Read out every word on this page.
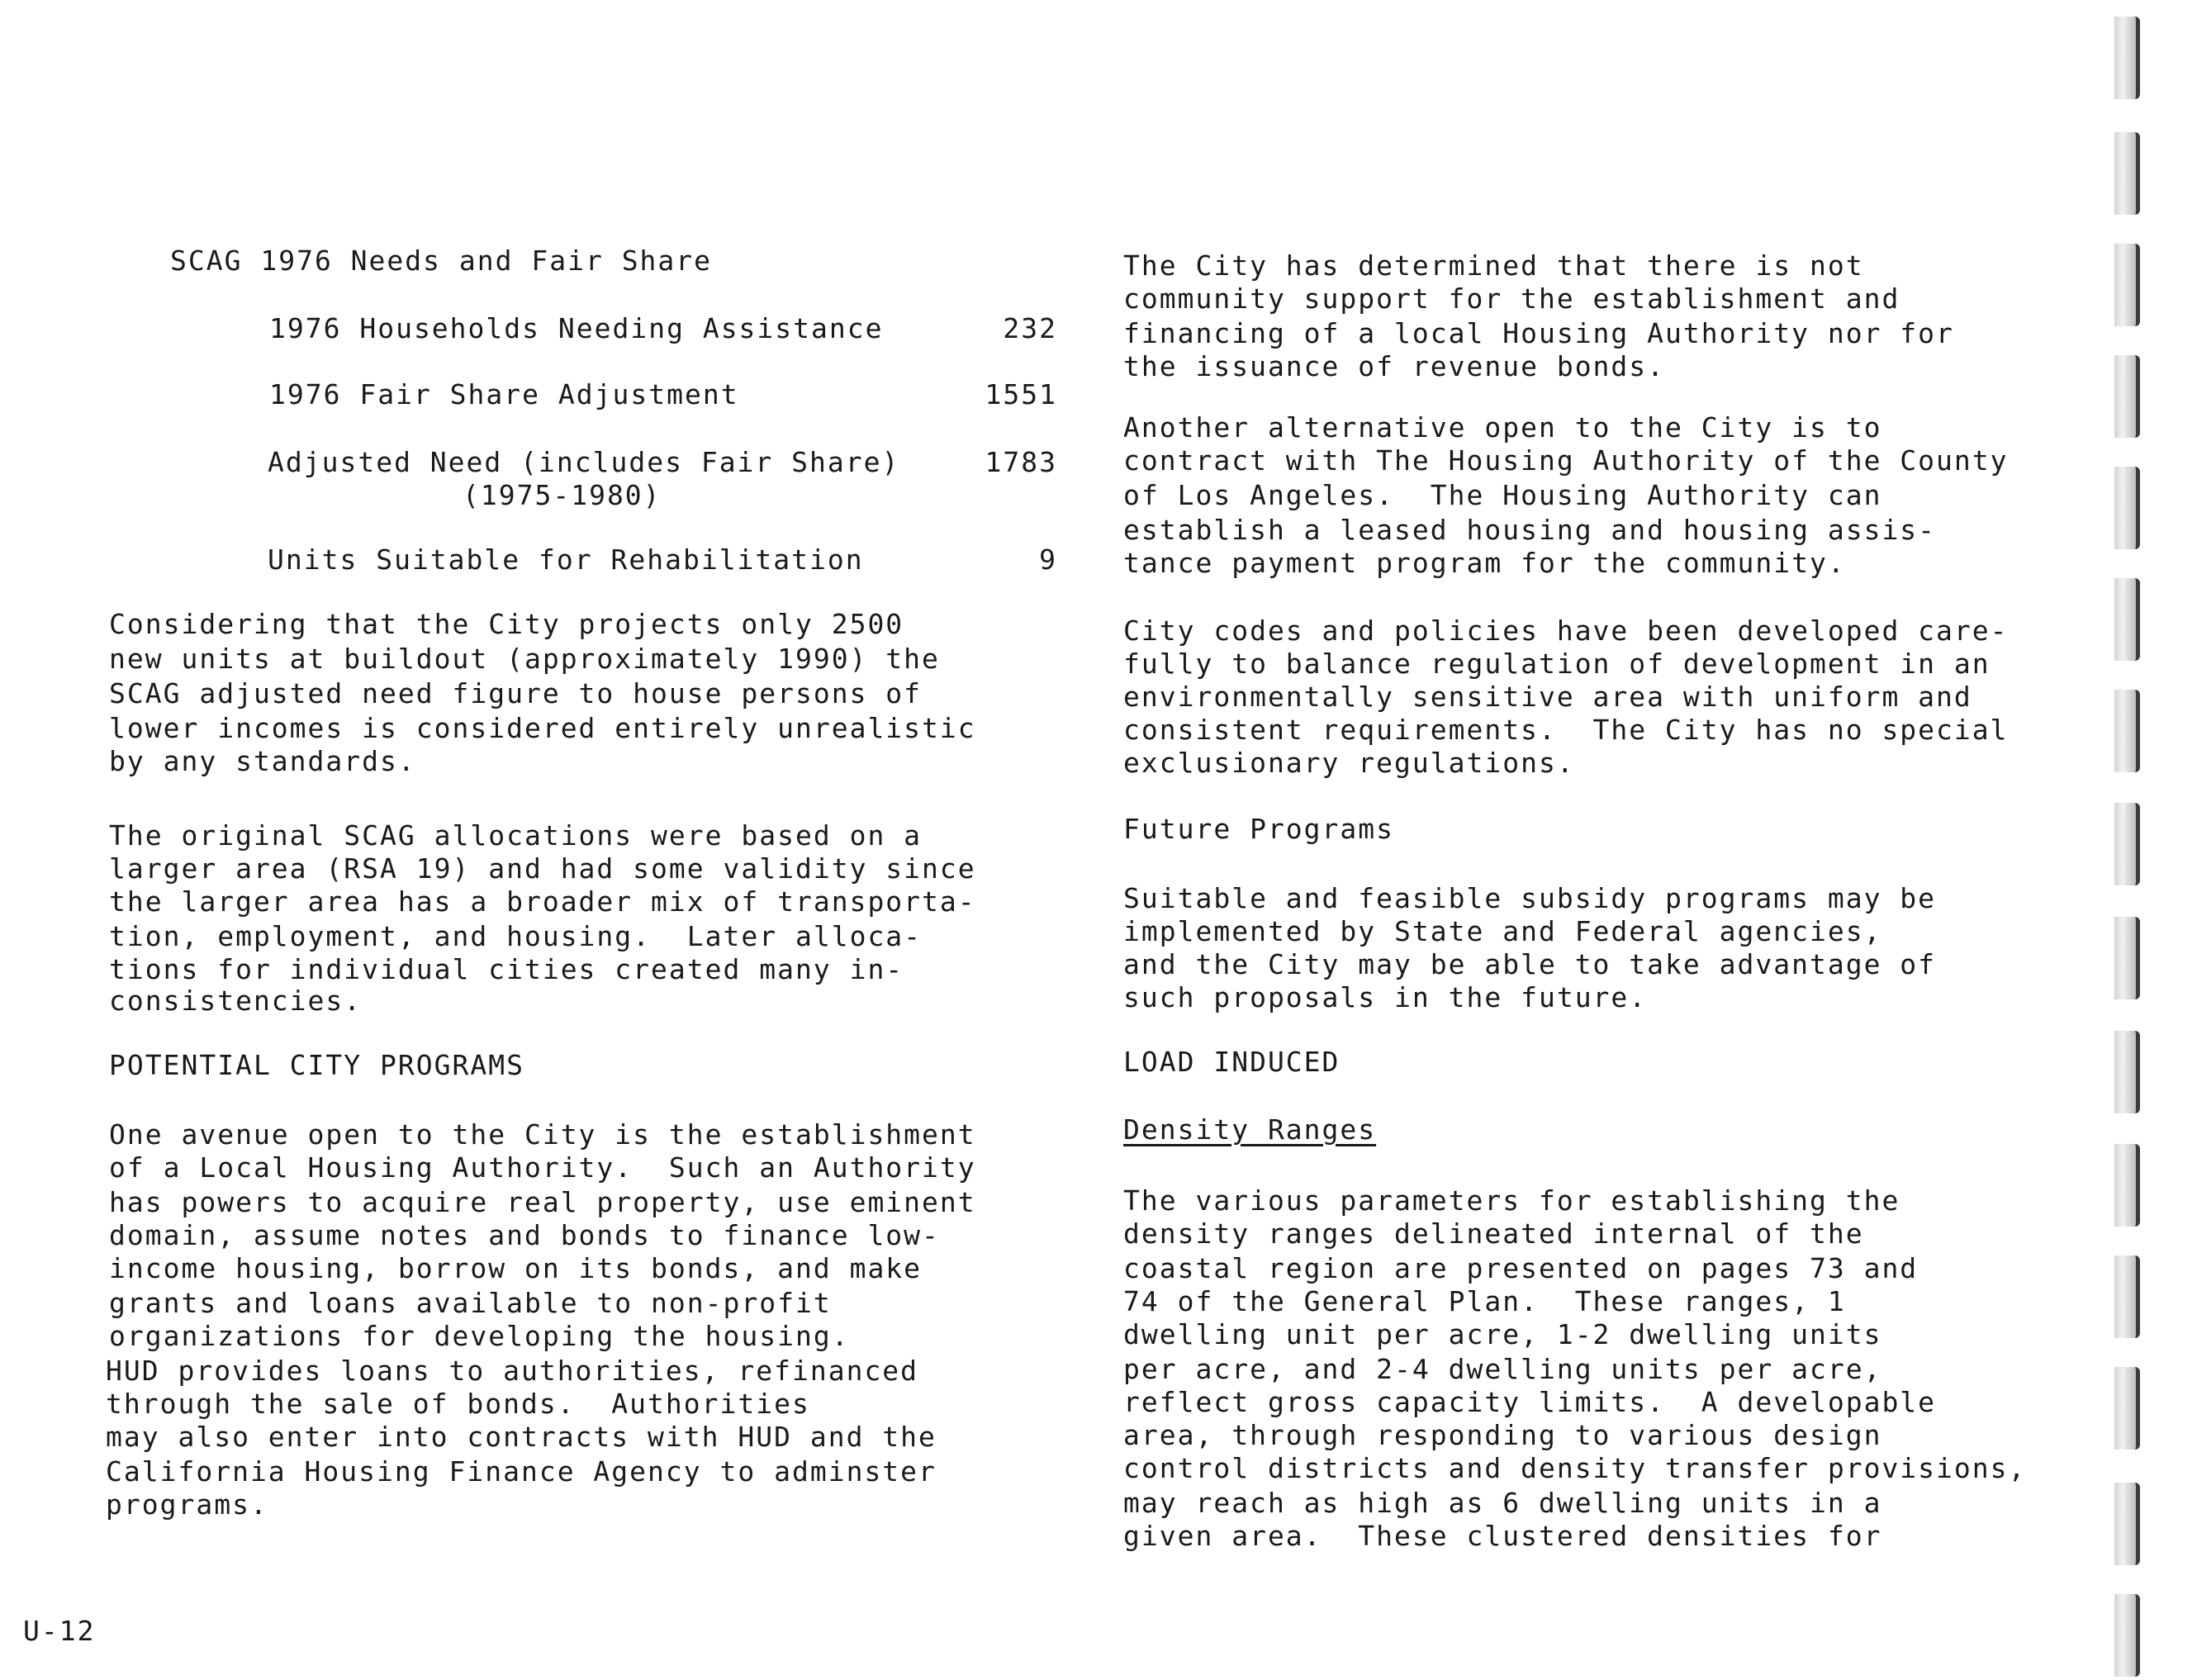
SCAG 1976 Needs and Fair Share
1976 Households Needing Assistance	232
1976 Fair Share Adjustment	1551
Adjusted Need (includes Fair Share)	1783
(1975-1980)
Units Suitable for Rehabilitation	9
Considering that the City projects only 2500
new units at buildout (approximately 1990) the
SCAG adjusted need figure to house persons of
lower incomes is considered entirely unrealistic
by any standards.
The original SCAG allocations were based on a
larger area (RSA 19) and had some validity since
the larger area has a broader mix of transporta-
tion, employment, and housing.  Later alloca-
tions for individual cities created many in-
consistencies.
POTENTIAL CITY PROGRAMS
One avenue open to the City is the establishment
of a Local Housing Authority.  Such an Authority
has powers to acquire real property, use eminent
domain, assume notes and bonds to finance low-
income housing, borrow on its bonds, and make
grants and loans available to non-profit
organizations for developing the housing.
HUD provides loans to authorities, refinanced
through the sale of bonds.  Authorities
may also enter into contracts with HUD and the
California Housing Finance Agency to adminster
programs.
The City has determined that there is not
community support for the establishment and
financing of a local Housing Authority nor for
the issuance of revenue bonds.
Another alternative open to the City is to
contract with The Housing Authority of the County
of Los Angeles.  The Housing Authority can
establish a leased housing and housing assis-
tance payment program for the community.
City codes and policies have been developed care-
fully to balance regulation of development in an
environmentally sensitive area with uniform and
consistent requirements.  The City has no special
exclusionary regulations.
Future Programs
Suitable and feasible subsidy programs may be
implemented by State and Federal agencies,
and the City may be able to take advantage of
such proposals in the future.
LOAD INDUCED
Density Ranges
The various parameters for establishing the
density ranges delineated internal of the
coastal region are presented on pages 73 and
74 of the General Plan.  These ranges, 1
dwelling unit per acre, 1-2 dwelling units
per acre, and 2-4 dwelling units per acre,
reflect gross capacity limits.  A developable
area, through responding to various design
control districts and density transfer provisions,
may reach as high as 6 dwelling units in a
given area.  These clustered densities for
U-12
